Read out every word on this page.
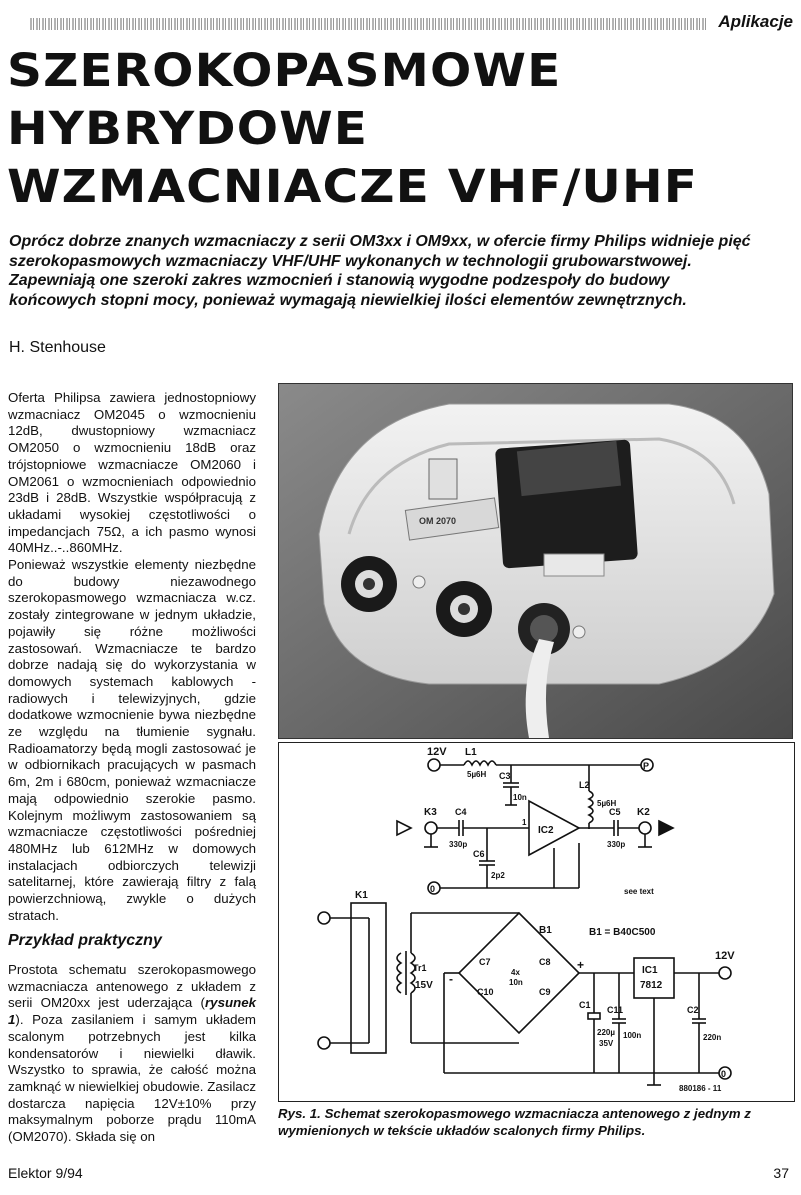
Aplikacje
SZEROKOPASMOWE
HYBRYDOWE
WZMACNIACZE VHF/UHF

Oprócz dobrze znanych wzmacniaczy z serii OM3xx i OM9xx, w ofercie firmy Philips widnieje pięć szerokopasmowych wzmacniaczy VHF/UHF wykonanych w technologii grubowarstwowej. Zapewniają one szeroki zakres wzmocnień i stanowią wygodne podzespoły do budowy końcowych stopni mocy, ponieważ wymagają niewielkiej ilości elementów zewnętrznych.

H. Stenhouse
Oferta Philipsa zawiera jednostopniowy wzmacniacz OM2045 o wzmocnieniu 12dB, dwustopniowy wzmacniacz OM2050 o wzmocnieniu 18dB oraz trójstopniowe wzmacniacze OM2060 i OM2061 o wzmocnieniach odpowiednio 23dB i 28dB. Wszystkie współpracują z układami wysokiej częstotliwości o impedancjach 75Ω, a ich pasmo wynosi 40MHz..-..860MHz.
Ponieważ wszystkie elementy niezbędne do budowy niezawodnego szerokopasmowego wzmacniacza w.cz. zostały zintegrowane w jednym układzie, pojawiły się różne możliwości zastosowań. Wzmacniacze te bardzo dobrze nadają się do wykorzystania w domowych systemach kablowych - radiowych i telewizyjnych, gdzie dodatkowe wzmocnienie bywa niezbędne ze względu na tłumienie sygnału. Radioamatorzy będą mogli zastosować je w odbiornikach pracujących w pasmach 6m, 2m i 680cm, ponieważ wzmacniacze mają odpowiednio szerokie pasmo. Kolejnym możliwym zastosowaniem są wzmacniacze częstotliwości pośredniej 480MHz lub 612MHz w domowych instalacjach odbiorczych telewizji satelitarnej, które zawierają filtry z falą powierzchniową, zwykle o dużych stratach.
Przykład praktyczny
Prostota schematu szerokopasmowego wzmacniacza antenowego z układem z serii OM20xx jest uderzająca (rysunek 1). Poza zasilaniem i samym układem scalonym potrzebnych jest kilka kondensatorów i niewielki dławik. Wszystko to sprawia, że całość można zamknąć w niewielkiej obudowie. Zasilacz dostarcza napięcia 12V±10% przy maksymalnym poborze prądu 110mA (OM2070). Składa się on
OM 2070
12V L1
5µ6H C3
10n
P
L2
5µ6H
IC2
1
C5
330p
K2
K3 C4
330p
C6
2p2
0	see text
K1
Tr1
15V
B1	B1 = B40C500
C7	C8
C10	C9
4x
10n
-
+	IC1
7812
12V
C1
220µ
35V
C11
100n
C2
220n
0
880186 - 11
Rys. 1. Schemat szerokopasmowego wzmacniacza antenowego z jednym z wymienionych w tekście układów scalonych firmy Philips.
Elektor 9/94	37
